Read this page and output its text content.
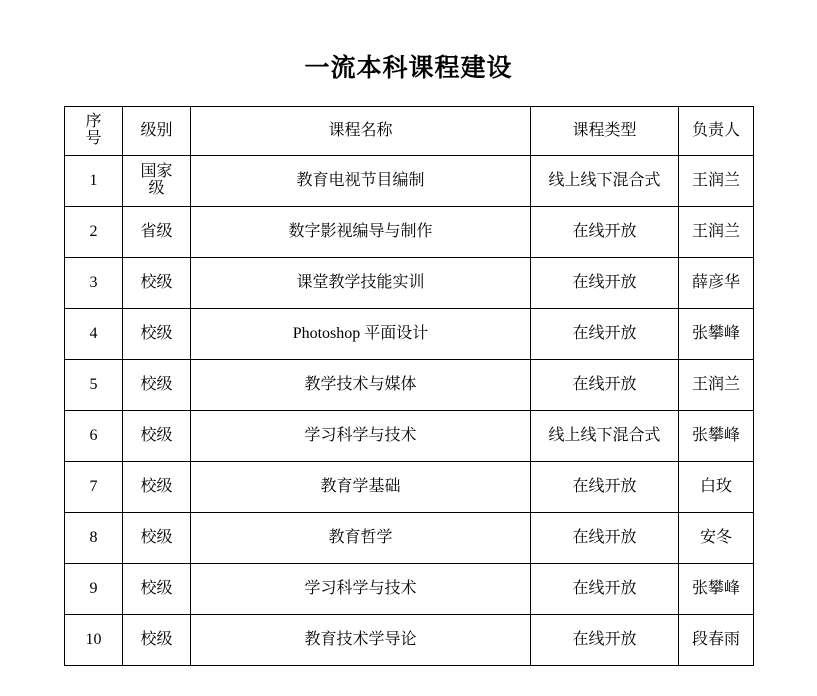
一流本科课程建设
序号	级别	课程名称	课程类型	负责人
1	国家级	教育电视节目编制	线上线下混合式	王润兰
2	省级	数字影视编导与制作	在线开放	王润兰
3	校级	课堂教学技能实训	在线开放	薛彦华
4	校级	Photoshop 平面设计	在线开放	张攀峰
5	校级	教学技术与媒体	在线开放	王润兰
6	校级	学习科学与技术	线上线下混合式	张攀峰
7	校级	教育学基础	在线开放	白玫
8	校级	教育哲学	在线开放	安冬
9	校级	学习科学与技术	在线开放	张攀峰
10	校级	教育技术学导论	在线开放	段春雨
